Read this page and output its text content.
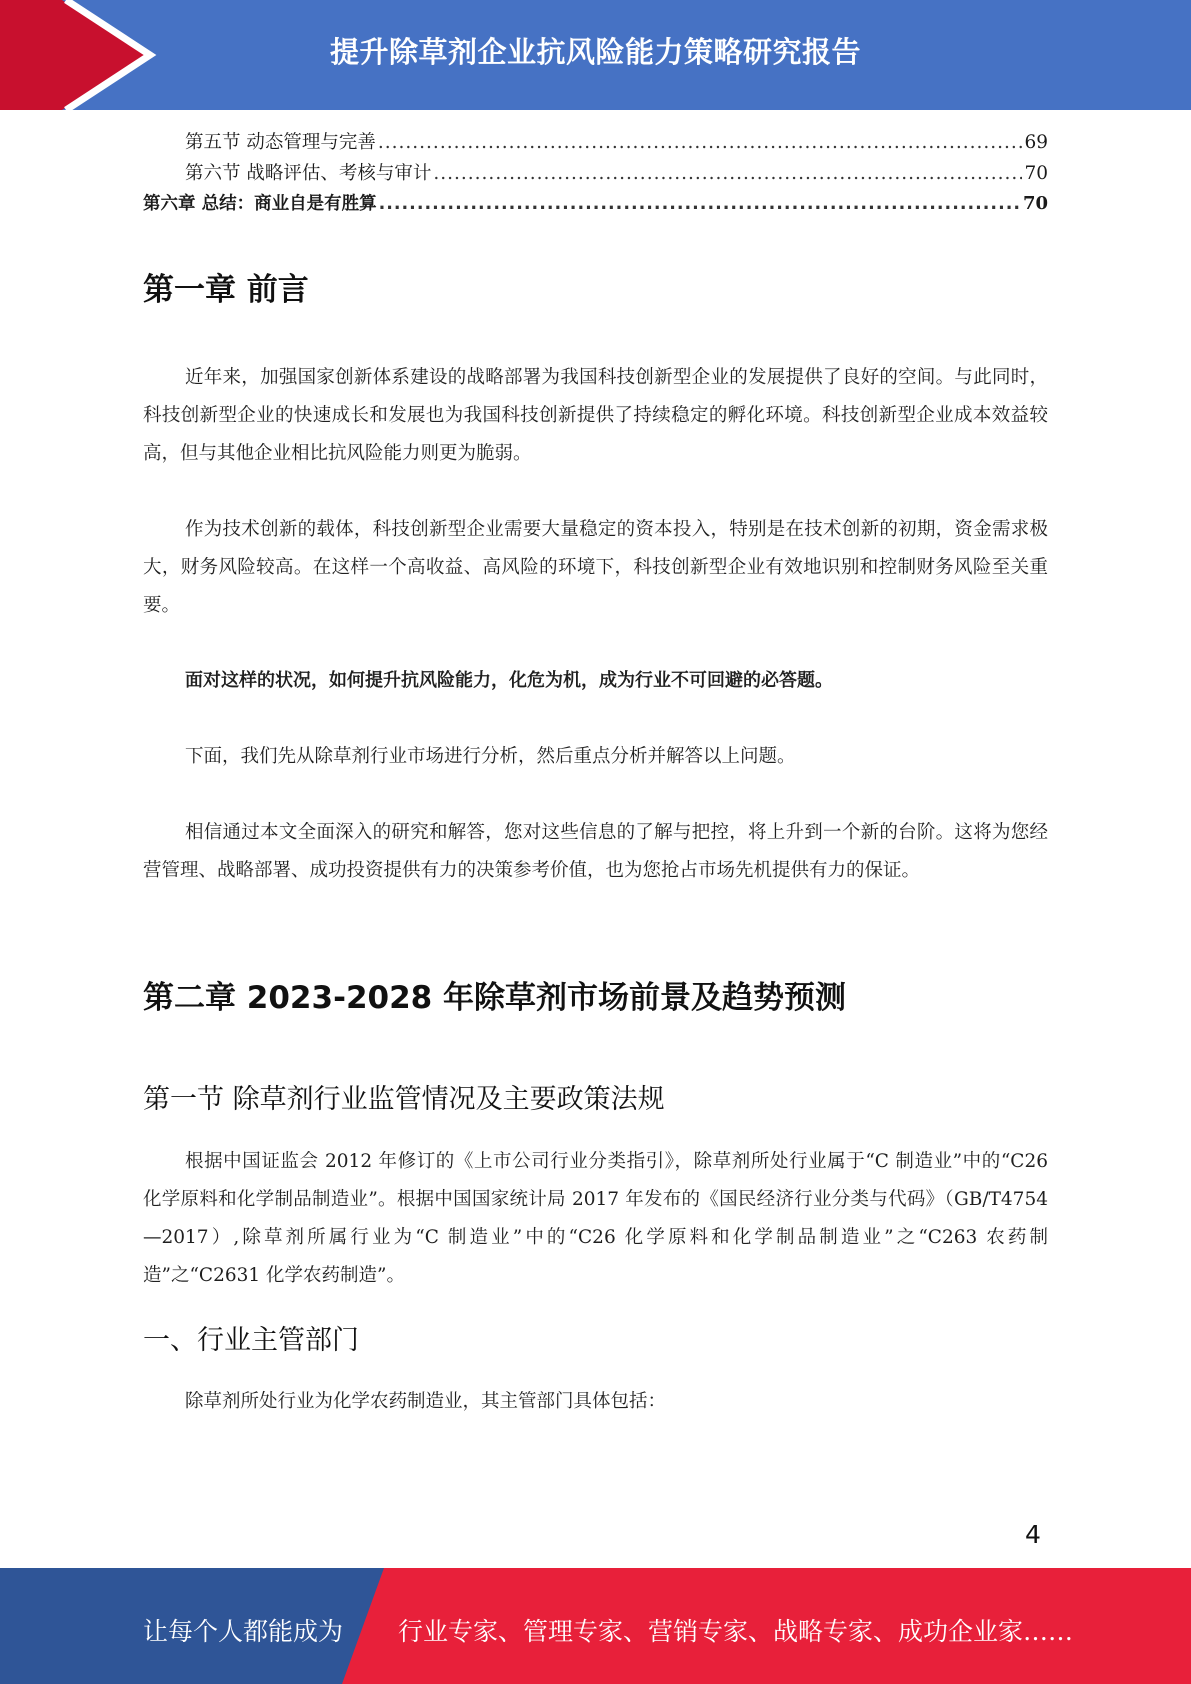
提升除草剂企业抗风险能力策略研究报告
第五节 动态管理与完善 .....	69
第六节 战略评估、考核与审计 .....	70
第六章 总结：商业自是有胜算 .....	70
第一章 前言
近年来，加强国家创新体系建设的战略部署为我国科技创新型企业的发展提供了良好的空间。与此同时，科技创新型企业的快速成长和发展也为我国科技创新提供了持续稳定的孵化环境。科技创新型企业成本效益较高，但与其他企业相比抗风险能力则更为脆弱。
作为技术创新的载体，科技创新型企业需要大量稳定的资本投入，特别是在技术创新的初期，资金需求极大，财务风险较高。在这样一个高收益、高风险的环境下，科技创新型企业有效地识别和控制财务风险至关重要。
面对这样的状况，如何提升抗风险能力，化危为机，成为行业不可回避的必答题。
下面，我们先从除草剂行业市场进行分析，然后重点分析并解答以上问题。
相信通过本文全面深入的研究和解答，您对这些信息的了解与把控，将上升到一个新的台阶。这将为您经营管理、战略部署、成功投资提供有力的决策参考价值，也为您抢占市场先机提供有力的保证。
第二章 2023-2028 年除草剂市场前景及趋势预测
第一节 除草剂行业监管情况及主要政策法规
根据中国证监会 2012 年修订的《上市公司行业分类指引》，除草剂所处行业属于“C 制造业”中的“C26 化学原料和化学制品制造业”。根据中国国家统计局 2017 年发布的《国民经济行业分类与代码》（GB/T4754—2017）,除草剂所属行业为“C 制造业”中的“C26 化学原料和化学制品制造业”之“C263 农药制造”之“C2631 化学农药制造”。
一、行业主管部门
除草剂所处行业为化学农药制造业，其主管部门具体包括：
4
让每个人都能成为 行业专家、管理专家、营销专家、战略专家、成功企业家……
